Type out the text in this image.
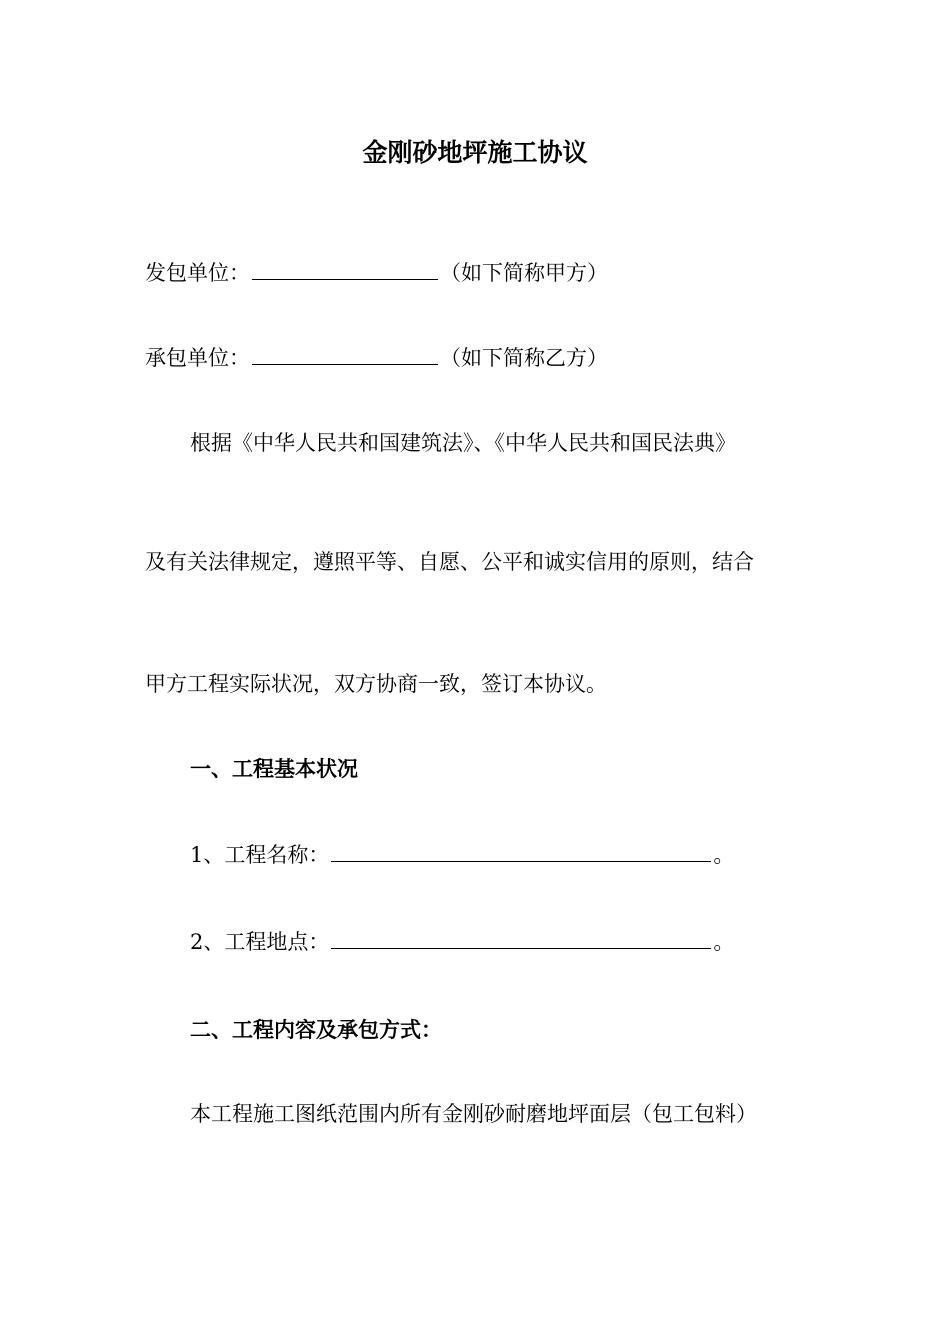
金刚砂地坪施工协议
发包单位：	（如下简称甲方）
承包单位：	（如下简称乙方）
根据《中华人民共和国建筑法》、《中华人民共和国民法典》
及有关法律规定，遵照平等、自愿、公平和诚实信用的原则，结合
甲方工程实际状况，双方协商一致，签订本协议。
一、工程基本状况
1、工程名称：	。
2、工程地点：	。
二、工程内容及承包方式：
本工程施工图纸范围内所有金刚砂耐磨地坪面层（包工包料）
